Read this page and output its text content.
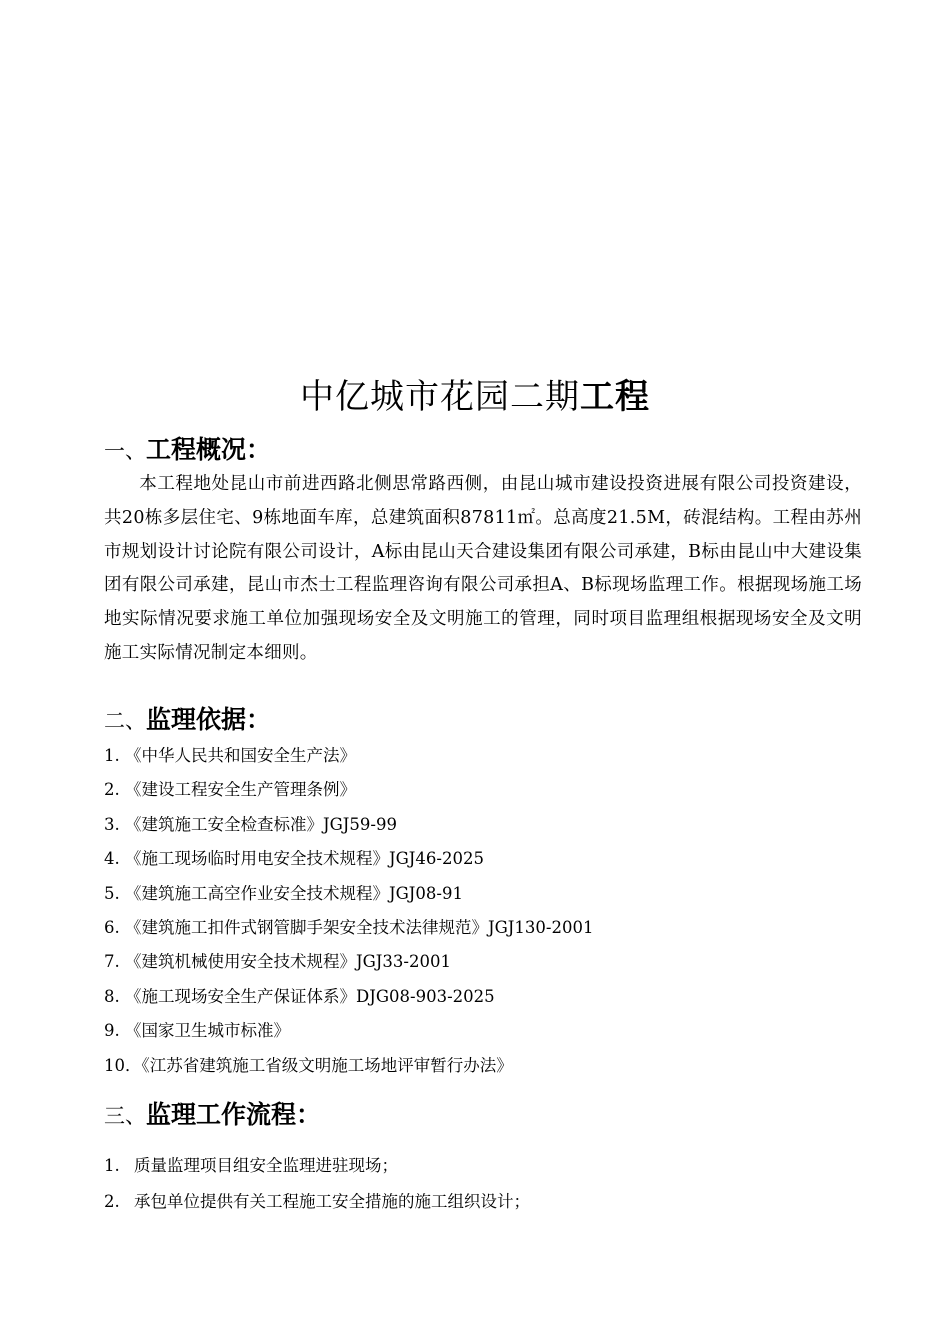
中亿城市花园二期工程
一、工程概况：
本工程地处昆山市前进西路北侧思常路西侧，由昆山城市建设投资进展有限公司投资建设，共20栋多层住宅、9栋地面车库，总建筑面积87811㎡。总高度21.5M，砖混结构。工程由苏州市规划设计讨论院有限公司设计，A标由昆山天合建设集团有限公司承建，B标由昆山中大建设集团有限公司承建，昆山市杰士工程监理咨询有限公司承担A、B标现场监理工作。根据现场施工场地实际情况要求施工单位加强现场安全及文明施工的管理，同时项目监理组根据现场安全及文明施工实际情况制定本细则。
二、监理依据：
1. 《中华人民共和国安全生产法》
2. 《建设工程安全生产管理条例》
3. 《建筑施工安全检查标准》JGJ59-99
4. 《施工现场临时用电安全技术规程》JGJ46-2025
5. 《建筑施工高空作业安全技术规程》JGJ08-91
6. 《建筑施工扣件式钢管脚手架安全技术法律规范》JGJ130-2001
7. 《建筑机械使用安全技术规程》JGJ33-2001
8. 《施工现场安全生产保证体系》DJG08-903-2025
9. 《国家卫生城市标准》
10．《江苏省建筑施工省级文明施工场地评审暂行办法》
三、监理工作流程：
1. 质量监理项目组安全监理进驻现场；
2. 承包单位提供有关工程施工安全措施的施工组织设计；
